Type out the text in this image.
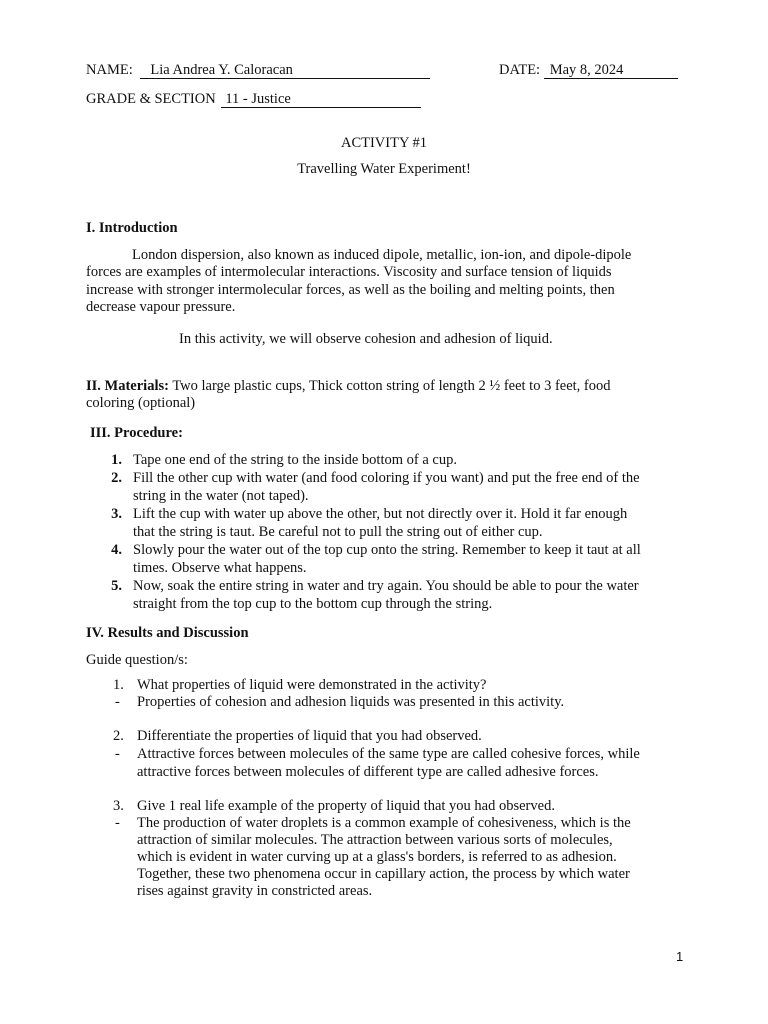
NAME: Lia Andrea Y. Caloracan	DATE: May 8, 2024
GRADE & SECTION 11 - Justice
ACTIVITY #1
Travelling Water Experiment!
I. Introduction
London dispersion, also known as induced dipole, metallic, ion-ion, and dipole-dipole
forces are examples of intermolecular interactions. Viscosity and surface tension of liquids
increase with stronger intermolecular forces, as well as the boiling and melting points, then
decrease vapour pressure.
In this activity, we will observe cohesion and adhesion of liquid.
II. Materials: Two large plastic cups, Thick cotton string of length 2 ½ feet to 3 feet, food
coloring (optional)
III. Procedure:
1. Tape one end of the string to the inside bottom of a cup.
2. Fill the other cup with water (and food coloring if you want) and put the free end of the
string in the water (not taped).
3. Lift the cup with water up above the other, but not directly over it. Hold it far enough
that the string is taut. Be careful not to pull the string out of either cup.
4. Slowly pour the water out of the top cup onto the string. Remember to keep it taut at all
times. Observe what happens.
5. Now, soak the entire string in water and try again. You should be able to pour the water
straight from the top cup to the bottom cup through the string.
IV. Results and Discussion
Guide question/s:
1. What properties of liquid were demonstrated in the activity?
-	Properties of cohesion and adhesion liquids was presented in this activity.
2. Differentiate the properties of liquid that you had observed.
-	Attractive forces between molecules of the same type are called cohesive forces, while
attractive forces between molecules of different type are called adhesive forces.
3. Give 1 real life example of the property of liquid that you had observed.
-	The production of water droplets is a common example of cohesiveness, which is the
attraction of similar molecules. The attraction between various sorts of molecules,
which is evident in water curving up at a glass's borders, is referred to as adhesion.
Together, these two phenomena occur in capillary action, the process by which water
rises against gravity in constricted areas.
1
